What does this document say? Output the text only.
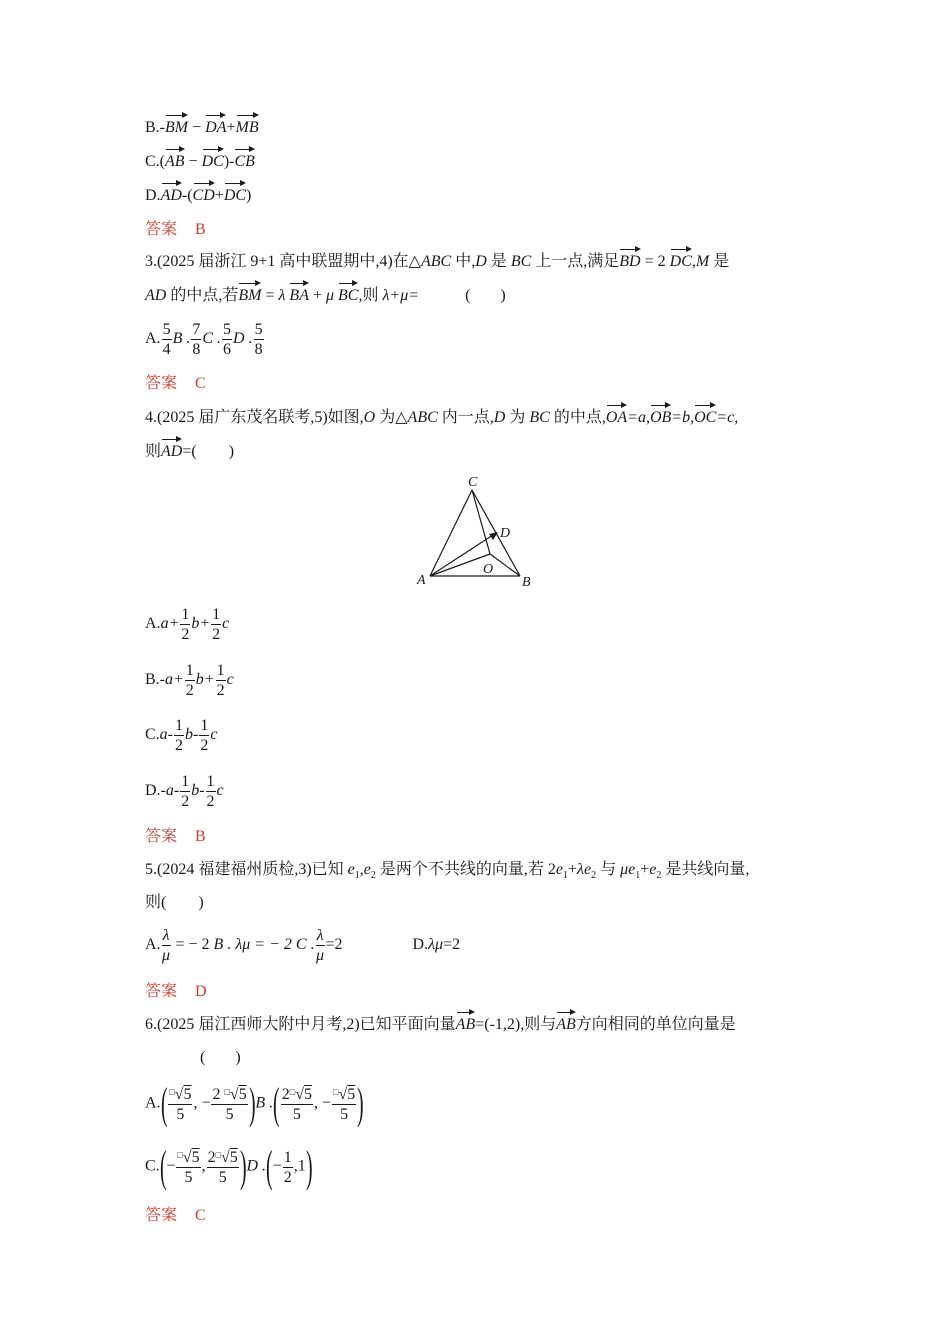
B.-BM − DA+MB
C.(AB − DC)-CB
D.AD-(CD+DC)
答案 B
3.(2025 届浙江 9+1 高中联盟期中,4)在△ABC 中,D 是 BC 上一点,满足BD = 2 DC,M 是
AD 的中点,若BM = λ BA + μ BC,则 λ+μ=	( )
A. $\frac{5}{4}$ B . $\frac{7}{8}$ C . $\frac{5}{6}$ D . $\frac{5}{8}$
答案 C
4.(2025 届广东茂名联考,5)如图,O 为△ABC 内一点,D 为 BC 的中点,OA=a,OB=b,OC=c,
则AD=( )
C
D
O
A	B
$A.a+ \frac{1}{2} b+ \frac{1}{2}$ c
$B.-a+ \frac{1}{2} b+ \frac{1}{2}$ c
$C.a- \frac{1}{2} b- \frac{1}{2}$ c
$D.-a- \frac{1}{2} b- \frac{1}{2}$ c
答案 B
5.(2024 福建福州质检,3)已知 $e_1,e_2$ 是两个不共线的向量,若 $2e_1+\lambda e_2$ 与 $\mu e_1+e_2$ 是共线向量,
则( )
A. $\frac{\lambda}{\mu}$ = − 2 B . λμ = − 2 C . $\frac{\lambda}{\mu} =2$	D.λμ=2
答案 D
6.(2025 届江西师大附中月考,2)已知平面向量AB=(-1,2),则与AB方向相同的单位向量是
( )
$A.( \frac{^□√5}{5}$ , − $\frac{2 ^□√5}{5} )B$ .( $\frac{2^□√5}{5}$ , − $\frac{^□√5}{5}$ )
$C.(- \frac{^□√5}{5}$ , $\frac{2^□√5}{5} )D$ .(− $\frac{1}{2} ,1$)
答案 C
